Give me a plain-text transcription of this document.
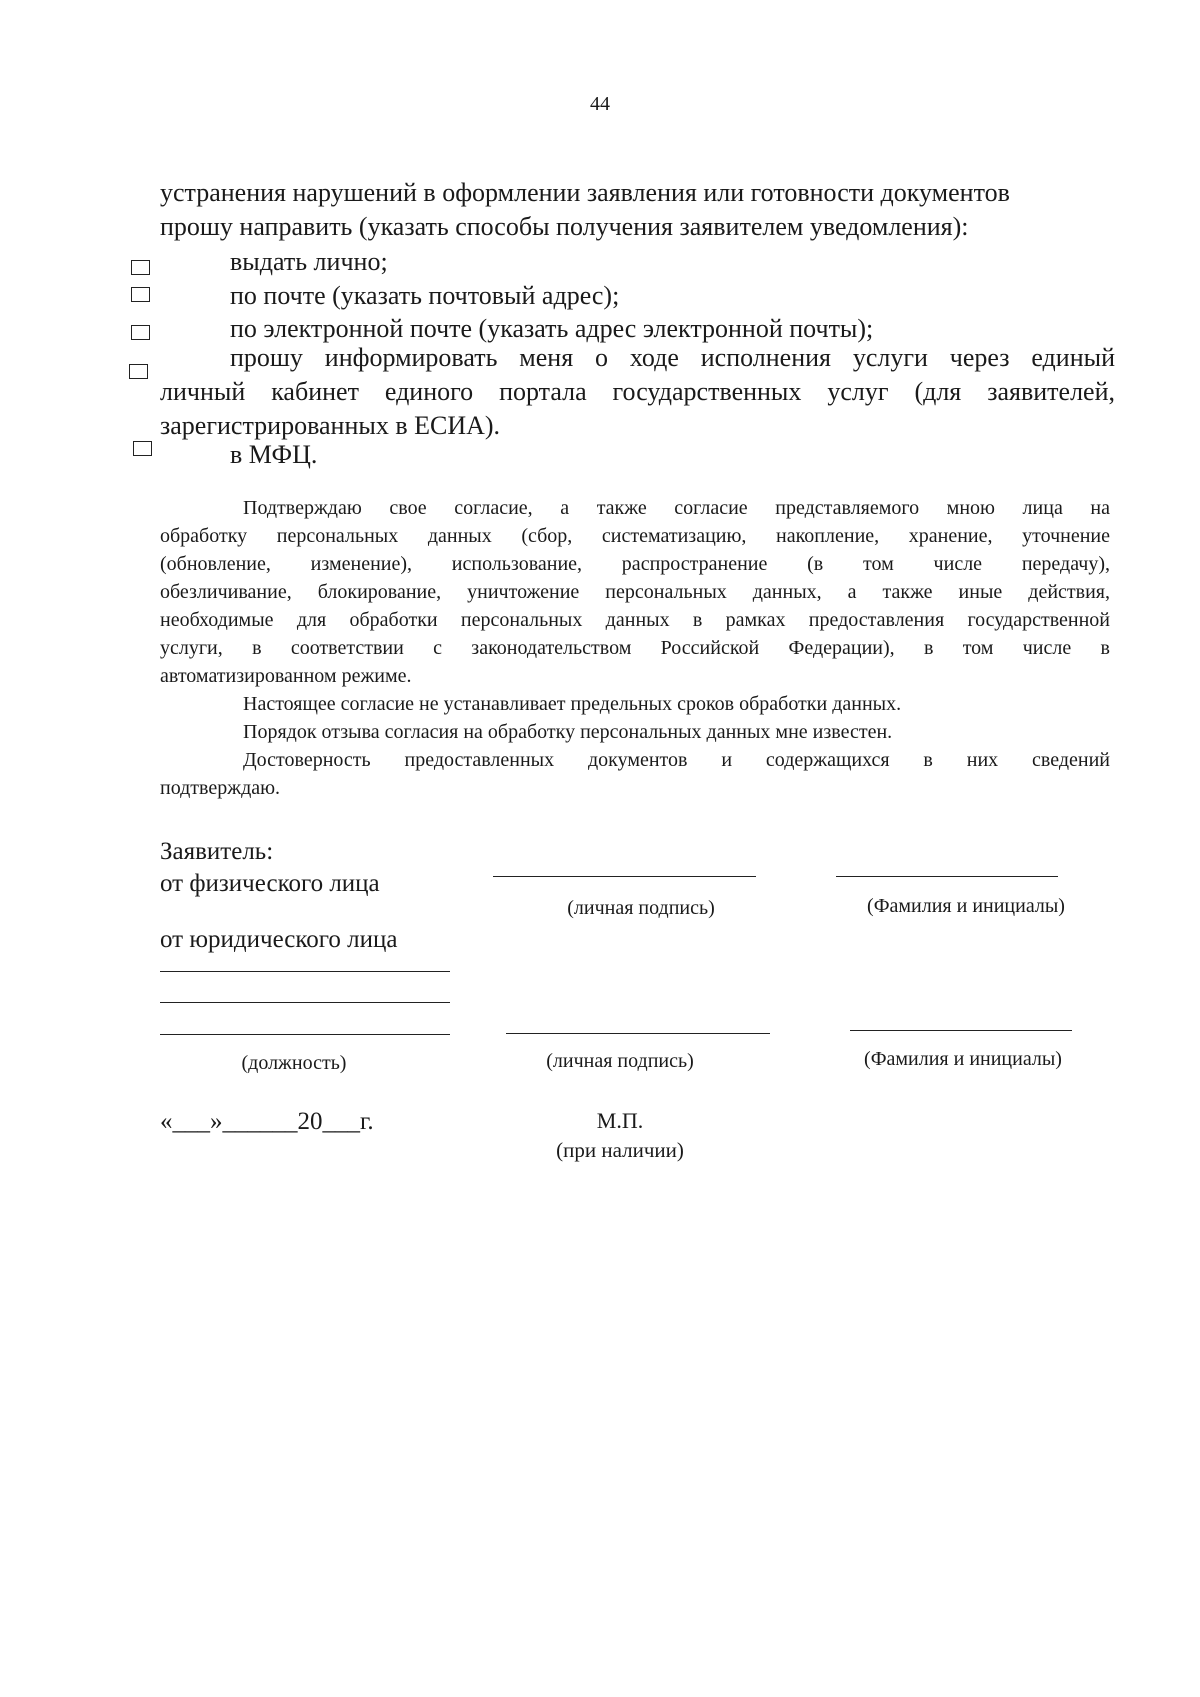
44
устранения нарушений в оформлении заявления или готовности документов
прошу направить (указать способы получения заявителем уведомления):
выдать лично;
по почте (указать почтовый адрес);
по электронной почте (указать адрес электронной почты);
прошу информировать меня о ходе исполнения услуги через единый
личный кабинет единого портала государственных услуг (для заявителей,
зарегистрированных в ЕСИА).
в МФЦ.
Подтверждаю свое согласие, а также согласие представляемого мною лица на
обработку персональных данных (сбор, систематизацию, накопление, хранение, уточнение
(обновление, изменение), использование, распространение (в том числе передачу),
обезличивание, блокирование, уничтожение персональных данных, а также иные действия,
необходимые для обработки персональных данных в рамках предоставления государственной
услуги, в соответствии с законодательством Российской Федерации), в том числе в
автоматизированном режиме.
Настоящее согласие не устанавливает предельных сроков обработки данных.
Порядок отзыва согласия на обработку персональных данных мне известен.
Достоверность предоставленных документов и содержащихся в них сведений
подтверждаю.
Заявитель:
от физического лица
(личная подпись)	(Фамилия и инициалы)
от юридического лица
(должность)	(личная подпись)	(Фамилия и инициалы)
«___»______20___г.	М.П.
(при наличии)
